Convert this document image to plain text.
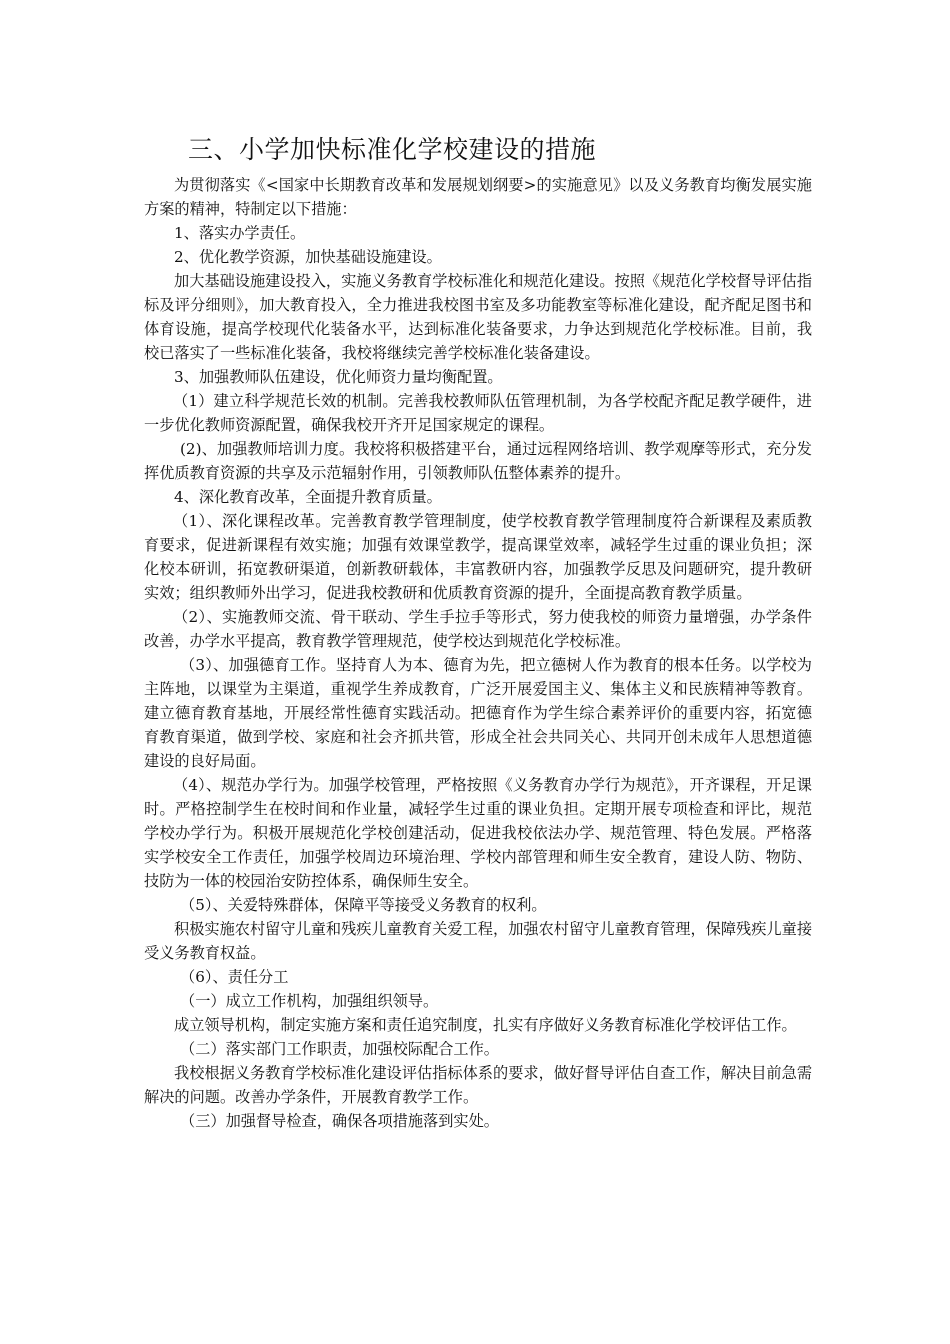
三、小学加快标准化学校建设的措施

为贯彻落实《<国家中长期教育改革和发展规划纲要>的实施意见》以及义务教育均衡发展实施方案的精神，特制定以下措施：

1、落实办学责任。

2、优化教学资源，加快基础设施建设。

加大基础设施建设投入，实施义务教育学校标准化和规范化建设。按照《规范化学校督导评估指标及评分细则》，加大教育投入，全力推进我校图书室及多功能教室等标准化建设，配齐配足图书和体育设施，提高学校现代化装备水平，达到标准化装备要求，力争达到规范化学校标准。目前，我校已落实了一些标准化装备，我校将继续完善学校标准化装备建设。

3、加强教师队伍建设，优化师资力量均衡配置。

（1）建立科学规范长效的机制。完善我校教师队伍管理机制，为各学校配齐配足教学硬件，进一步优化教师资源配置，确保我校开齐开足国家规定的课程。

(2)、加强教师培训力度。我校将积极搭建平台，通过远程网络培训、教学观摩等形式，充分发挥优质教育资源的共享及示范辐射作用，引领教师队伍整体素养的提升。

4、深化教育改革，全面提升教育质量。

（1）、深化课程改革。完善教育教学管理制度，使学校教育教学管理制度符合新课程及素质教育要求，促进新课程有效实施；加强有效课堂教学，提高课堂效率，减轻学生过重的课业负担；深化校本研训，拓宽教研渠道，创新教研载体，丰富教研内容，加强教学反思及问题研究，提升教研实效；组织教师外出学习，促进我校教研和优质教育资源的提升，全面提高教育教学质量。

（2）、实施教师交流、骨干联动、学生手拉手等形式，努力使我校的师资力量增强，办学条件改善，办学水平提高，教育教学管理规范，使学校达到规范化学校标准。

（3）、加强德育工作。坚持育人为本、德育为先，把立德树人作为教育的根本任务。以学校为主阵地，以课堂为主渠道，重视学生养成教育，广泛开展爱国主义、集体主义和民族精神等教育。建立德育教育基地，开展经常性德育实践活动。把德育作为学生综合素养评价的重要内容，拓宽德育教育渠道，做到学校、家庭和社会齐抓共管，形成全社会共同关心、共同开创未成年人思想道德建设的良好局面。

（4）、规范办学行为。加强学校管理，严格按照《义务教育办学行为规范》，开齐课程，开足课时。严格控制学生在校时间和作业量，减轻学生过重的课业负担。定期开展专项检查和评比，规范学校办学行为。积极开展规范化学校创建活动，促进我校依法办学、规范管理、特色发展。严格落实学校安全工作责任，加强学校周边环境治理、学校内部管理和师生安全教育，建设人防、物防、技防为一体的校园治安防控体系，确保师生安全。

（5）、关爱特殊群体，保障平等接受义务教育的权利。

积极实施农村留守儿童和残疾儿童教育关爱工程，加强农村留守儿童教育管理，保障残疾儿童接受义务教育权益。

（6）、责任分工

（一）成立工作机构，加强组织领导。

成立领导机构，制定实施方案和责任追究制度，扎实有序做好义务教育标准化学校评估工作。

（二）落实部门工作职责，加强校际配合工作。

我校根据义务教育学校标准化建设评估指标体系的要求，做好督导评估自查工作，解决目前急需解决的问题。改善办学条件，开展教育教学工作。

（三）加强督导检查，确保各项措施落到实处。
